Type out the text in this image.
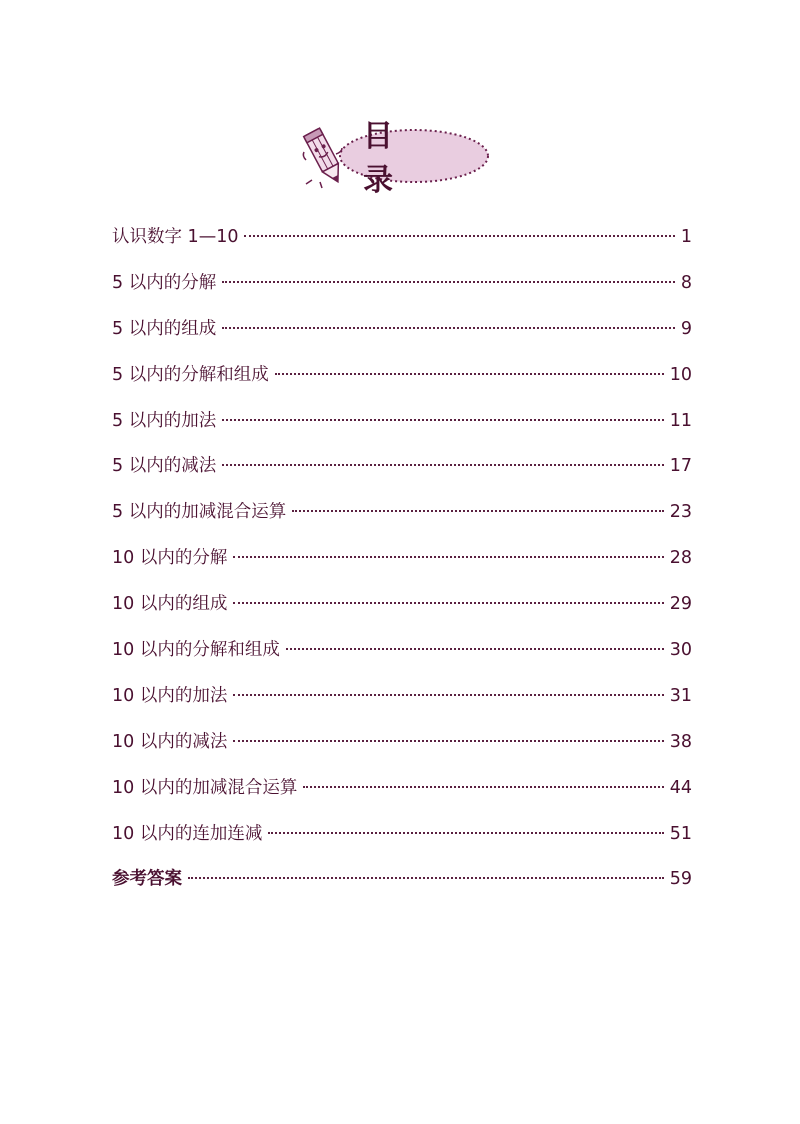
目 录
认识数字 1—10	1
5 以内的分解	8
5 以内的组成	9
5 以内的分解和组成	10
5 以内的加法	11
5 以内的减法	17
5 以内的加减混合运算	23
10 以内的分解	28
10 以内的组成	29
10 以内的分解和组成	30
10 以内的加法	31
10 以内的减法	38
10 以内的加减混合运算	44
10 以内的连加连减	51
参考答案	59
